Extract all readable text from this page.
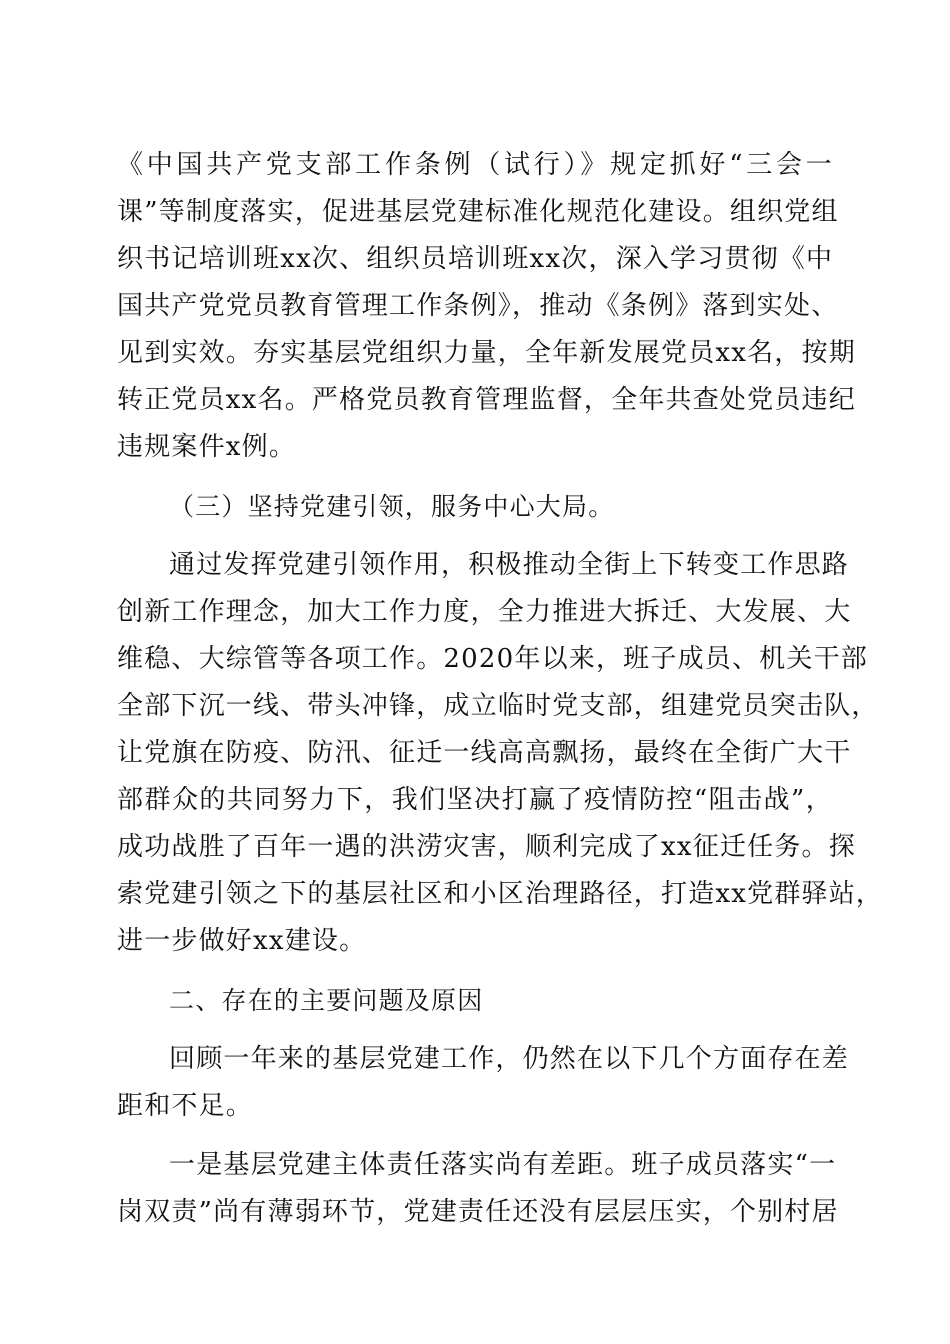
《中国共产党支部工作条例（试行）》规定抓好“三会一
课”等制度落实，促进基层党建标准化规范化建设。组织党组
织书记培训班xx次、组织员培训班xx次，深入学习贯彻《中
国共产党党员教育管理工作条例》，推动《条例》落到实处、
见到实效。夯实基层党组织力量，全年新发展党员xx名，按期
转正党员xx名。严格党员教育管理监督，全年共查处党员违纪
违规案件x例。
（三）坚持党建引领，服务中心大局。
通过发挥党建引领作用，积极推动全街上下转变工作思路
创新工作理念，加大工作力度，全力推进大拆迁、大发展、大
维稳、大综管等各项工作。2020年以来，班子成员、机关干部
全部下沉一线、带头冲锋，成立临时党支部，组建党员突击队，
让党旗在防疫、防汛、征迁一线高高飘扬，最终在全街广大干
部群众的共同努力下，我们坚决打赢了疫情防控“阻击战”，
成功战胜了百年一遇的洪涝灾害，顺利完成了xx征迁任务。探
索党建引领之下的基层社区和小区治理路径，打造xx党群驿站，
进一步做好xx建设。
二、存在的主要问题及原因
回顾一年来的基层党建工作，仍然在以下几个方面存在差
距和不足。
一是基层党建主体责任落实尚有差距。班子成员落实“一
岗双责”尚有薄弱环节，党建责任还没有层层压实，个别村居
